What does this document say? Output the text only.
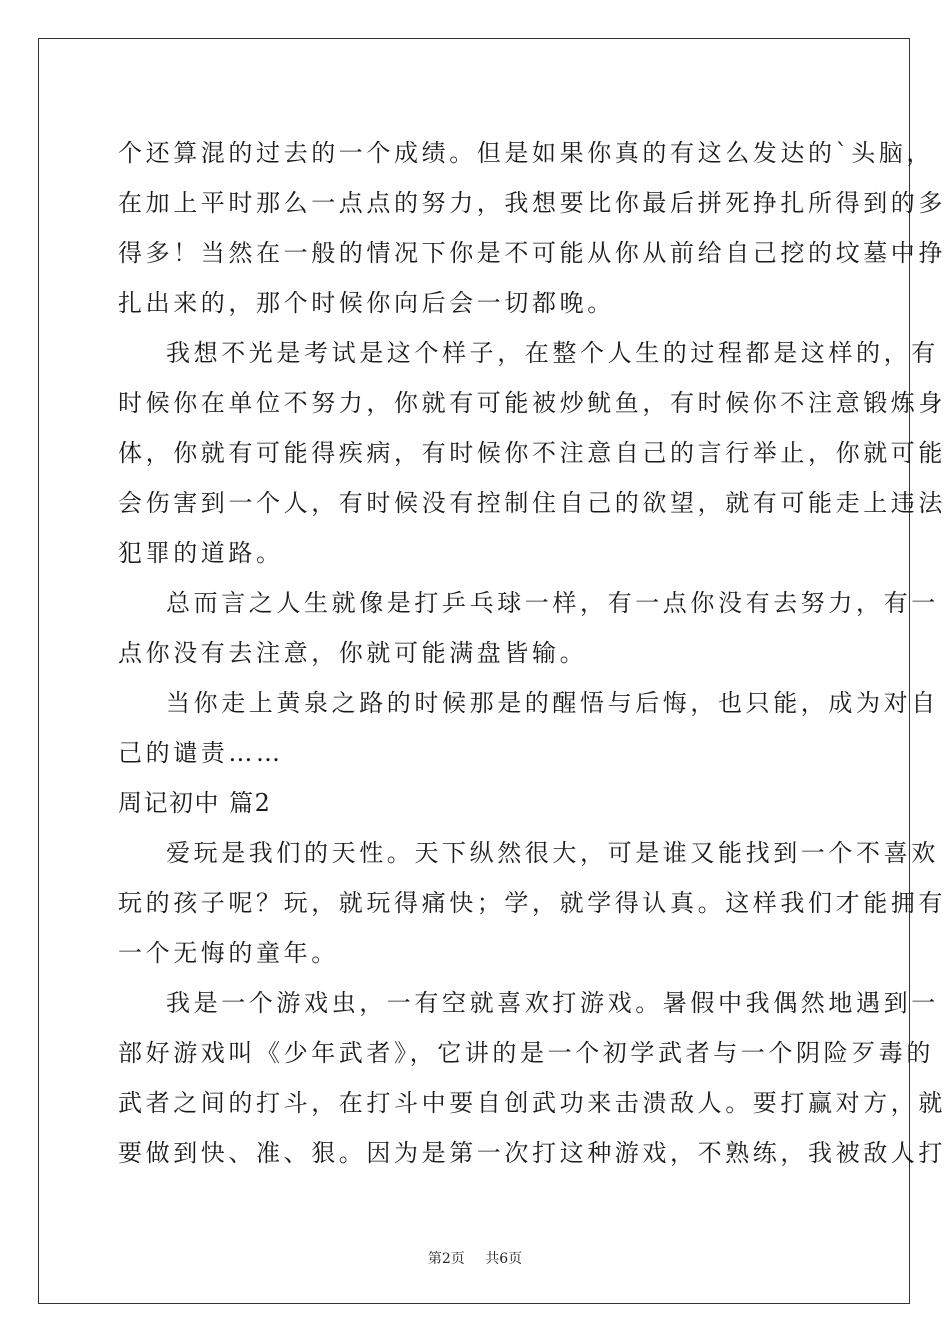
个还算混的过去的一个成绩。但是如果你真的有这么发达的`头脑，
在加上平时那么一点点的努力，我想要比你最后拼死挣扎所得到的多
得多！当然在一般的情况下你是不可能从你从前给自己挖的坟墓中挣
扎出来的，那个时候你向后会一切都晚。
我想不光是考试是这个样子，在整个人生的过程都是这样的，有
时候你在单位不努力，你就有可能被炒鱿鱼，有时候你不注意锻炼身
体，你就有可能得疾病，有时候你不注意自己的言行举止，你就可能
会伤害到一个人，有时候没有控制住自己的欲望，就有可能走上违法
犯罪的道路。
总而言之人生就像是打乒乓球一样，有一点你没有去努力，有一
点你没有去注意，你就可能满盘皆输。
当你走上黄泉之路的时候那是的醒悟与后悔，也只能，成为对自
己的谴责……
周记初中 篇2
爱玩是我们的天性。天下纵然很大，可是谁又能找到一个不喜欢
玩的孩子呢？玩，就玩得痛快；学，就学得认真。这样我们才能拥有
一个无悔的童年。
我是一个游戏虫，一有空就喜欢打游戏。暑假中我偶然地遇到一
部好游戏叫《少年武者》，它讲的是一个初学武者与一个阴险歹毒的
武者之间的打斗，在打斗中要自创武功来击溃敌人。要打赢对方，就
要做到快、准、狠。因为是第一次打这种游戏，不熟练，我被敌人打
第2页 共6页
